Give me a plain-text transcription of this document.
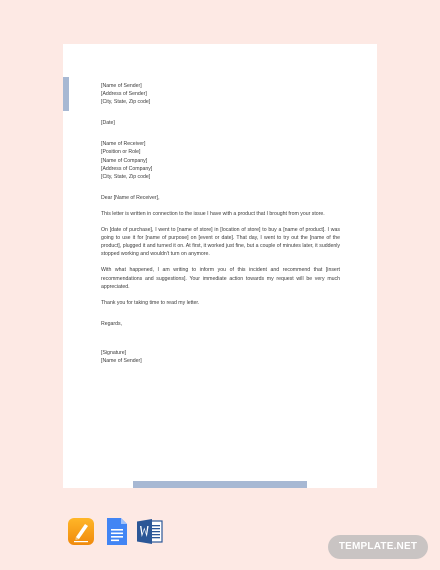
[Name of Sender]
[Address of Sender]
[City, State, Zip code]
[Date]
[Name of Receiver]
[Position or Role]
[Name of Company]
[Address of Company]
[City, State, Zip code]
Dear [Name of Receiver],

This letter is written in connection to the issue I have with a product that I brought from your store.

On [date of purchase], I went to [name of store] in [location of store] to buy a [name of product]. I was going to use it for [name of purpose] on [event or date]. That day, I went to try out the [name of the product], plugged it and turned it on. At first, it worked just fine, but a couple of minutes later, it suddenly stopped working and wouldn't turn on anymore.

With what happened, I am writing to inform you of this incident and recommend that [insert recommendations and suggestions]. Your immediate action towards my request will be very much appreciated.

Thank you for taking time to read my letter.

Regards,
[Signature]
[Name of Sender]
TEMPLATE.NET
